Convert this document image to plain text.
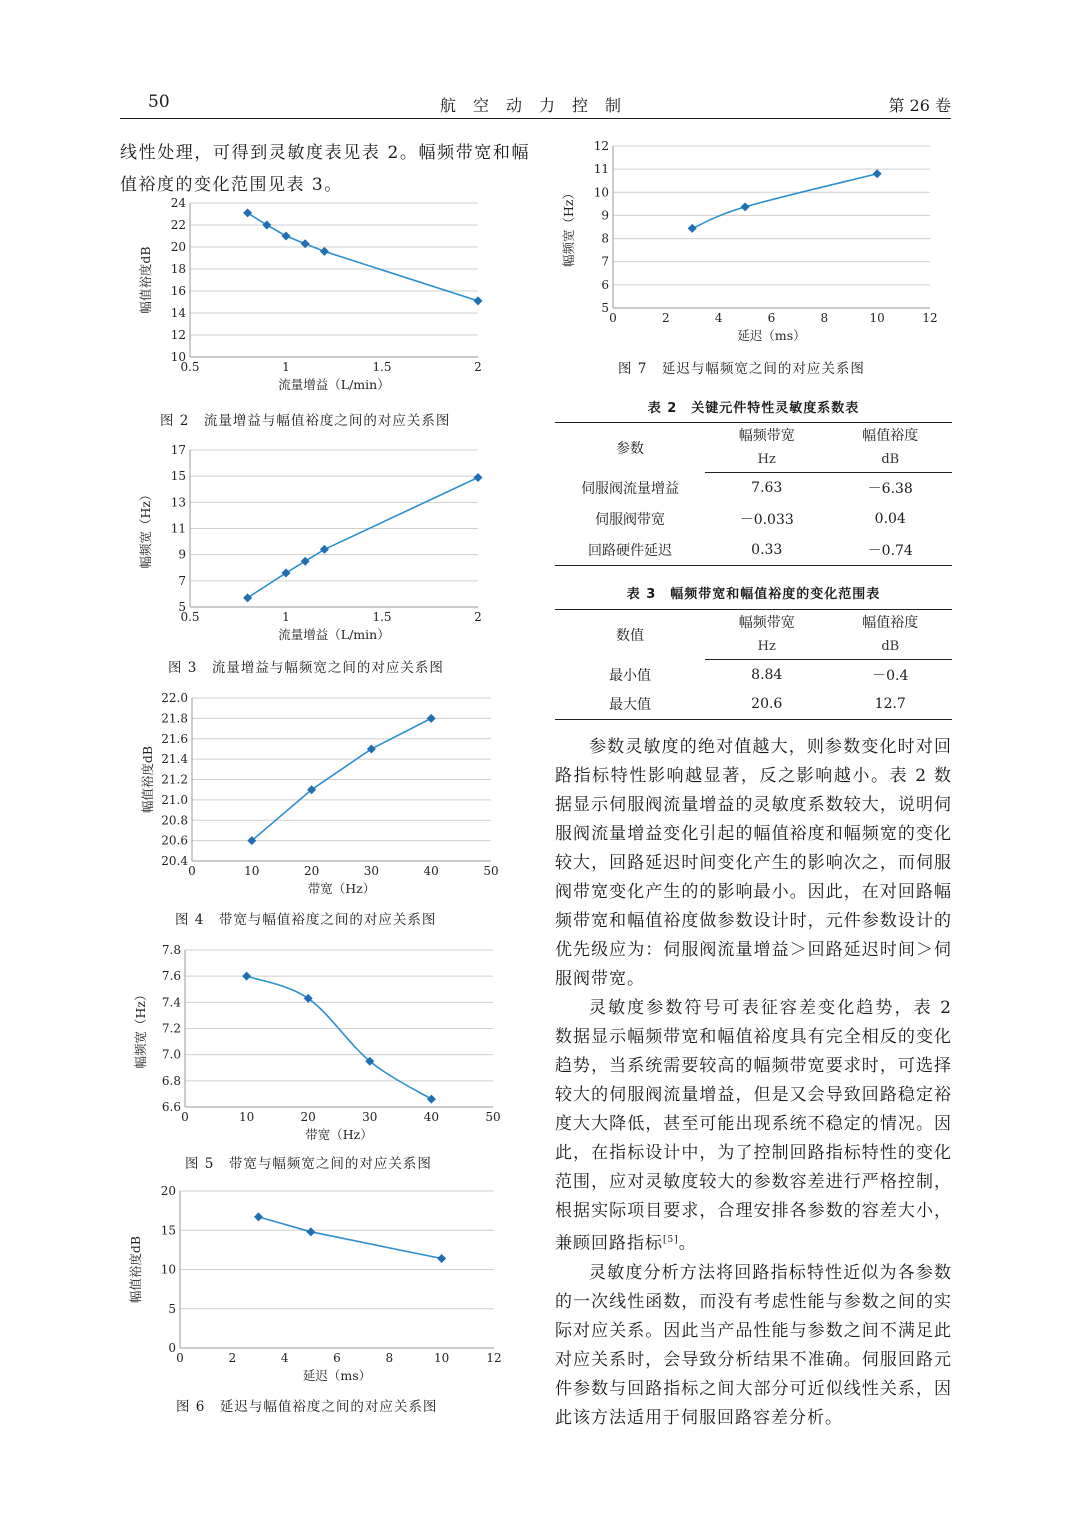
50	航空动力控制	第 26 卷
线性处理，可得到灵敏度表见表 2。幅频带宽和幅值裕度的变化范围见表 3。
10
12
14
16
18
20
22
24
0.5	1	1.5	2
流量增益（L/min）
幅值裕度dB
图 2　流量增益与幅值裕度之间的对应关系图
5
7
9
11
13
15
17
0.5	1	1.5	2
流量增益（L/min）
幅频宽（Hz）
图 3　流量增益与幅频宽之间的对应关系图
20.4
20.6
20.8
21.0
21.2
21.4
21.6
21.8
22.0
0	10	20	30	40	50
带宽（Hz）
幅值裕度dB
图 4　带宽与幅值裕度之间的对应关系图
6.6
6.8
7.0
7.2
7.4
7.6
7.8
0	10	20	30	40	50
带宽（Hz）
幅频宽（Hz）
图 5　带宽与幅频宽之间的对应关系图
0
5
10
15
20
0	2	4	6	8	10	12
延迟（ms）
幅值裕度dB
图 6　延迟与幅值裕度之间的对应关系图
5
6
7
8
9
10
11
12
0	2	4	6	8	10	12
延迟（ms）
幅频宽（Hz）
图 7　延迟与幅频宽之间的对应关系图
表 2　关键元件特性灵敏度系数表
参数	幅频带宽	幅值裕度
	Hz	dB
伺服阀流量增益	7.63	－6.38
伺服阀带宽	－0.033	0.04
回路硬件延迟	0.33	－0.74
表 3　幅频带宽和幅值裕度的变化范围表
数值	幅频带宽	幅值裕度
	Hz	dB
最小值	8.84	－0.4
最大值	20.6	12.7

参数灵敏度的绝对值越大，则参数变化时对回路指标特性影响越显著，反之影响越小。表 2 数据显示伺服阀流量增益的灵敏度系数较大，说明伺服阀流量增益变化引起的幅值裕度和幅频宽的变化较大，回路延迟时间变化产生的影响次之，而伺服阀带宽变化产生的的影响最小。因此，在对回路幅频带宽和幅值裕度做参数设计时，元件参数设计的优先级应为：伺服阀流量增益＞回路延迟时间＞伺服阀带宽。

灵敏度参数符号可表征容差变化趋势，表 2 数据显示幅频带宽和幅值裕度具有完全相反的变化趋势，当系统需要较高的幅频带宽要求时，可选择较大的伺服阀流量增益，但是又会导致回路稳定裕度大大降低，甚至可能出现系统不稳定的情况。因此，在指标设计中，为了控制回路指标特性的变化范围，应对灵敏度较大的参数容差进行严格控制，根据实际项目要求，合理安排各参数的容差大小，兼顾回路指标[5]。

灵敏度分析方法将回路指标特性近似为各参数的一次线性函数，而没有考虑性能与参数之间的实际对应关系。因此当产品性能与参数之间不满足此对应关系时，会导致分析结果不准确。伺服回路元件参数与回路指标之间大部分可近似线性关系，因此该方法适用于伺服回路容差分析。
